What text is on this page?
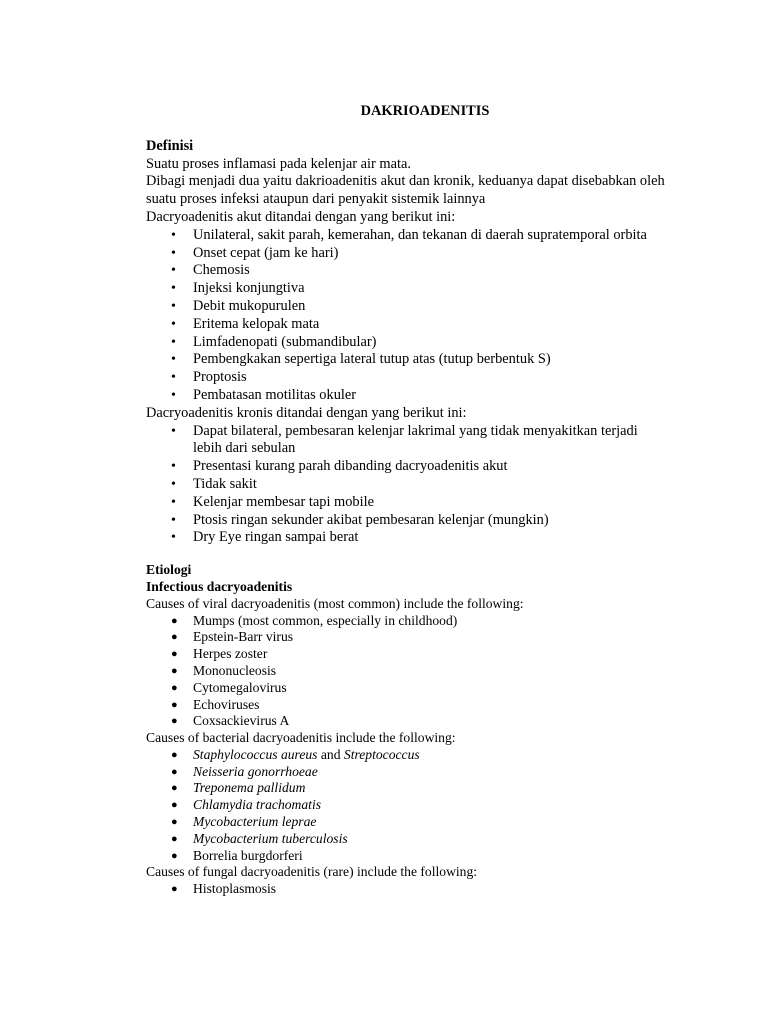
DAKRIOADENITIS
Definisi
Suatu proses inflamasi pada kelenjar air mata.
Dibagi menjadi dua yaitu dakrioadenitis akut dan kronik, keduanya dapat disebabkan oleh suatu proses infeksi ataupun dari penyakit sistemik lainnya
Dacryoadenitis akut ditandai dengan yang berikut ini:
• Unilateral, sakit parah, kemerahan, dan tekanan di daerah supratemporal orbita
• Onset cepat (jam ke hari)
• Chemosis
• Injeksi konjungtiva
• Debit mukopurulen
• Eritema kelopak mata
• Limfadenopati (submandibular)
• Pembengkakan sepertiga lateral tutup atas (tutup berbentuk S)
• Proptosis
• Pembatasan motilitas okuler
Dacryoadenitis kronis ditandai dengan yang berikut ini:
• Dapat bilateral, pembesaran kelenjar lakrimal yang tidak menyakitkan terjadi lebih dari sebulan
• Presentasi kurang parah dibanding dacryoadenitis akut
• Tidak sakit
• Kelenjar membesar tapi mobile
• Ptosis ringan sekunder akibat pembesaran kelenjar (mungkin)
• Dry Eye ringan sampai berat
Etiologi
Infectious dacryoadenitis
Causes of viral dacryoadenitis (most common) include the following:
● Mumps (most common, especially in childhood)
● Epstein-Barr virus
● Herpes zoster
● Mononucleosis
● Cytomegalovirus
● Echoviruses
● Coxsackievirus A
Causes of bacterial dacryoadenitis include the following:
● Staphylococcus aureus and Streptococcus
● Neisseria gonorrhoeae
● Treponema pallidum
● Chlamydia trachomatis
● Mycobacterium leprae
● Mycobacterium tuberculosis
● Borrelia burgdorferi
Causes of fungal dacryoadenitis (rare) include the following:
● Histoplasmosis
